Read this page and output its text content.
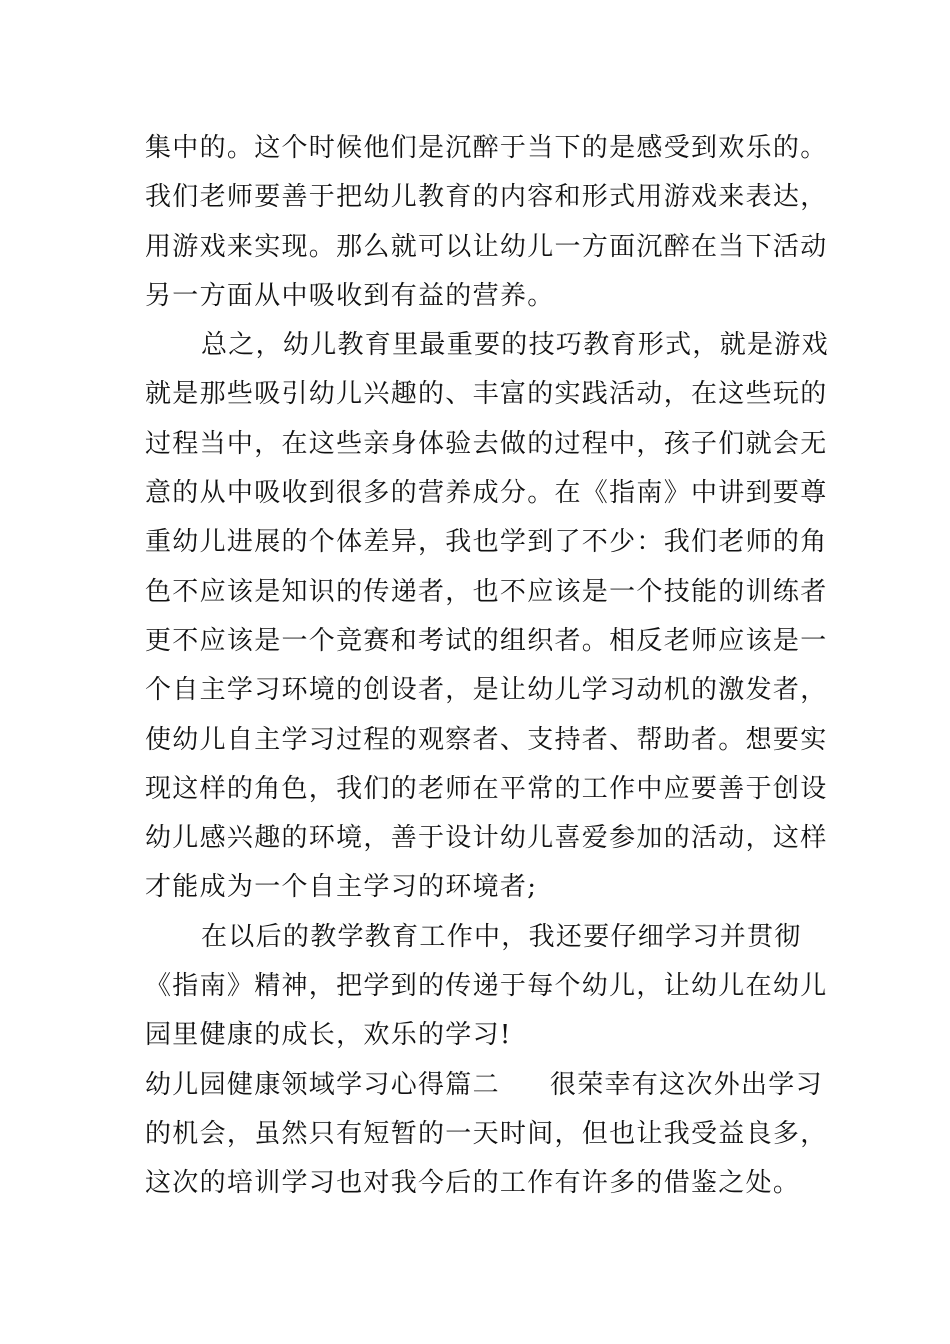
集中的。这个时候他们是沉醉于当下的是感受到欢乐的。
我们老师要善于把幼儿教育的内容和形式用游戏来表达，
用游戏来实现。那么就可以让幼儿一方面沉醉在当下活动
另一方面从中吸收到有益的营养。
总之，幼儿教育里最重要的技巧教育形式，就是游戏
就是那些吸引幼儿兴趣的、丰富的实践活动，在这些玩的
过程当中，在这些亲身体验去做的过程中，孩子们就会无
意的从中吸收到很多的营养成分。在《指南》中讲到要尊
重幼儿进展的个体差异，我也学到了不少：我们老师的角
色不应该是知识的传递者，也不应该是一个技能的训练者
更不应该是一个竞赛和考试的组织者。相反老师应该是一
个自主学习环境的创设者，是让幼儿学习动机的激发者，
使幼儿自主学习过程的观察者、支持者、帮助者。想要实
现这样的角色，我们的老师在平常的工作中应要善于创设
幼儿感兴趣的环境，善于设计幼儿喜爱参加的活动，这样
才能成为一个自主学习的环境者;
在以后的教学教育工作中，我还要仔细学习并贯彻
《指南》精神，把学到的传递于每个幼儿，让幼儿在幼儿
园里健康的成长，欢乐的学习!
幼儿园健康领域学习心得篇二 很荣幸有这次外出学习
的机会，虽然只有短暂的一天时间，但也让我受益良多，
这次的培训学习也对我今后的工作有许多的借鉴之处。
